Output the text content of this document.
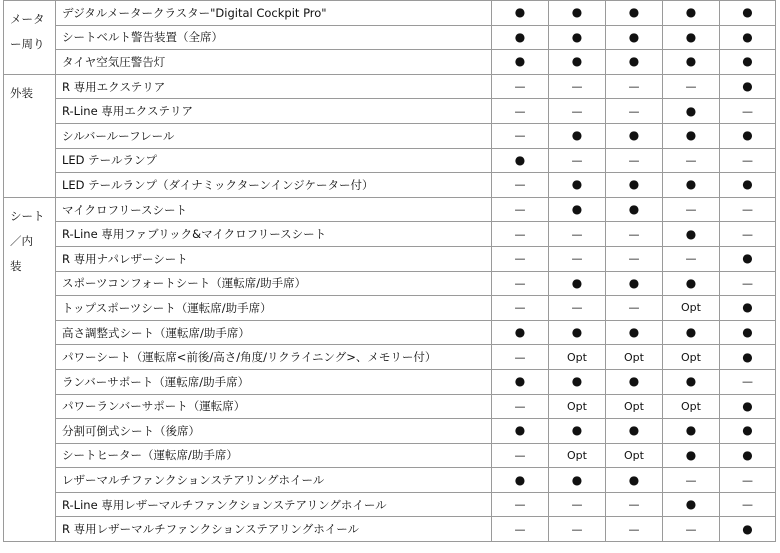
メータ
ー周り	デジタルメータークラスター"Digital Cockpit Pro"	●	●	●	●	●
	シートベルト警告装置（全席）	●	●	●	●	●
	タイヤ空気圧警告灯	●	●	●	●	●

外装	R 専用エクステリア	—	—	—	—	●
	R-Line 専用エクステリア	—	—	—	●	—
	シルバールーフレール	—	●	●	●	●
	LED テールランプ	●	—	—	—	—
	LED テールランプ（ダイナミックターンインジケーター付）	—	●	●	●	●

シート
／内
装	マイクロフリースシート	—	●	●	—	—
	R-Line 専用ファブリック&マイクロフリースシート	—	—	—	●	—
	R 専用ナパレザーシート	—	—	—	—	●
	スポーツコンフォートシート（運転席/助手席）	—	●	●	●	—
	トップスポーツシート（運転席/助手席）	—	—	—	Opt	●
	高さ調整式シート（運転席/助手席）	●	●	●	●	●
	パワーシート（運転席<前後/高さ/角度/リクライニング>、メモリー付）	—	Opt	Opt	Opt	●
	ランバーサポート（運転席/助手席）	●	●	●	●	—
	パワーランバーサポート（運転席）	—	Opt	Opt	Opt	●
	分割可倒式シート（後席）	●	●	●	●	●
	シートヒーター（運転席/助手席）	—	Opt	Opt	●	●
	レザーマルチファンクションステアリングホイール	●	●	●	—	—
	R-Line 専用レザーマルチファンクションステアリングホイール	—	—	—	●	—
	R 専用レザーマルチファンクションステアリングホイール	—	—	—	—	●
